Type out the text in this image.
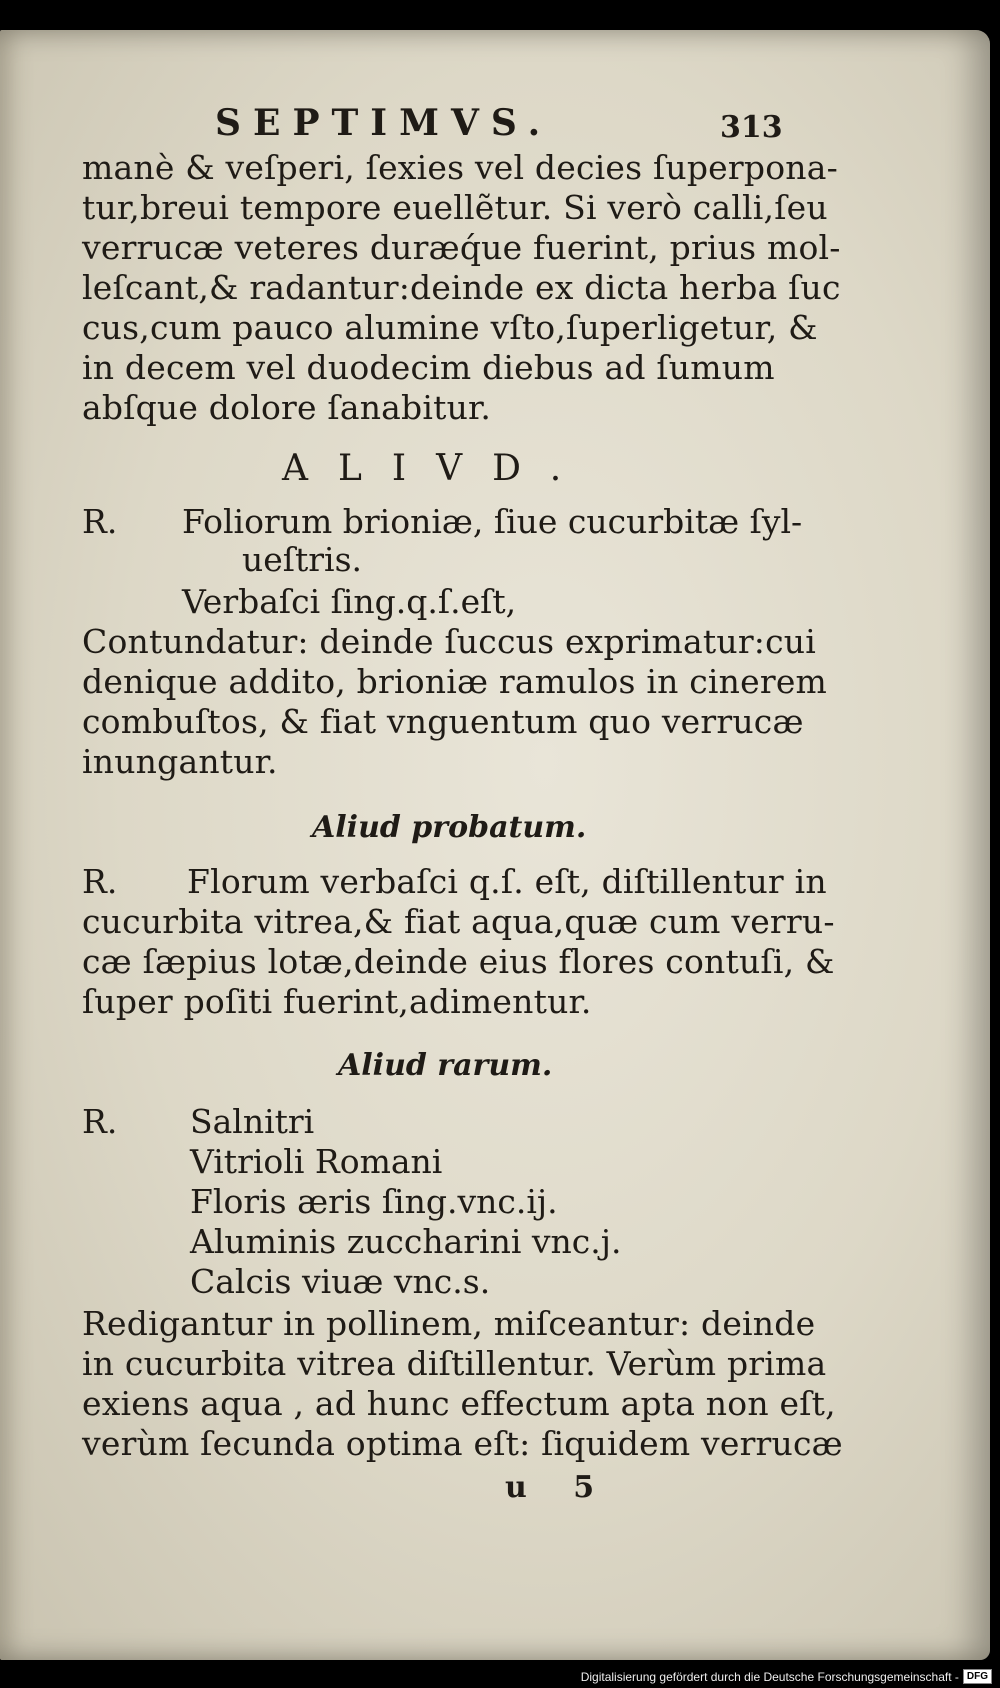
SEPTIMVS.	313
manè & veſperi, ſexies vel decies ſuperpona-
tur,breui tempore euellẽtur. Si verò calli,ſeu
verrucæ veteres duræq́ue fuerint, prius mol-
leſcant,& radantur:deinde ex dicta herba ſuc
cus,cum pauco alumine vſto,ſuperligetur, &
in decem vel duodecim diebus ad ſumum
abſque dolore ſanabitur.
ALIVD.
R. Foliorum brioniæ, ſiue cucurbitæ ſyl-
ueſtris.
Verbaſci ſing.q.ſ.eſt,
Contundatur: deinde ſuccus exprimatur:cui
denique addito, brioniæ ramulos in cinerem
combuſtos, & fiat vnguentum quo verrucæ
inungantur.
Aliud probatum.
R. Florum verbaſci q.ſ. eſt, diſtillentur in
cucurbita vitrea,& fiat aqua,quæ cum verru-
cæ ſæpius lotæ,deinde eius flores contuſi, &
ſuper poſiti fuerint,adimentur.
Aliud rarum.
R. Salnitri
Vitrioli Romani
Floris æris ſing.vnc.ij.
Aluminis zuccharini vnc.j.
Calcis viuæ vnc.s.
Redigantur in pollinem, miſceantur: deinde
in cucurbita vitrea diſtillentur. Verùm prima
exiens aqua , ad hunc effectum apta non eſt,
verùm ſecunda optima eſt: ſiquidem verrucæ
u 5
Digitalisierung gefördert durch die Deutsche Forschungsgemeinschaft - DFG
